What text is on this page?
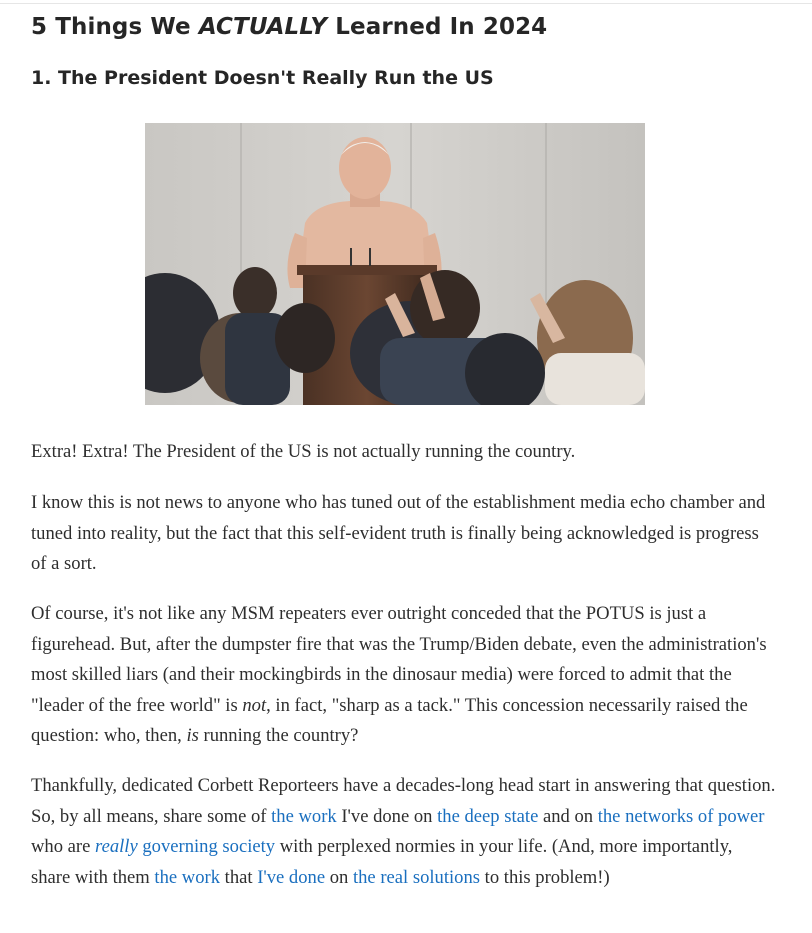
5 Things We ACTUALLY Learned In 2024
1. The President Doesn't Really Run the US

Extra! Extra! The President of the US is not actually running the country.

I know this is not news to anyone who has tuned out of the establishment media echo chamber and tuned into reality, but the fact that this self-evident truth is finally being acknowledged is progress of a sort.

Of course, it's not like any MSM repeaters ever outright conceded that the POTUS is just a figurehead. But, after the dumpster fire that was the Trump/Biden debate, even the administration's most skilled liars (and their mockingbirds in the dinosaur media) were forced to admit that the "leader of the free world" is not, in fact, "sharp as a tack." This concession necessarily raised the question: who, then, is running the country?

Thankfully, dedicated Corbett Reporteers have a decades-long head start in answering that question. So, by all means, share some of the work I've done on the deep state and on the networks of power who are really governing society with perplexed normies in your life. (And, more importantly, share with them the work that I've done on the real solutions to this problem!)
